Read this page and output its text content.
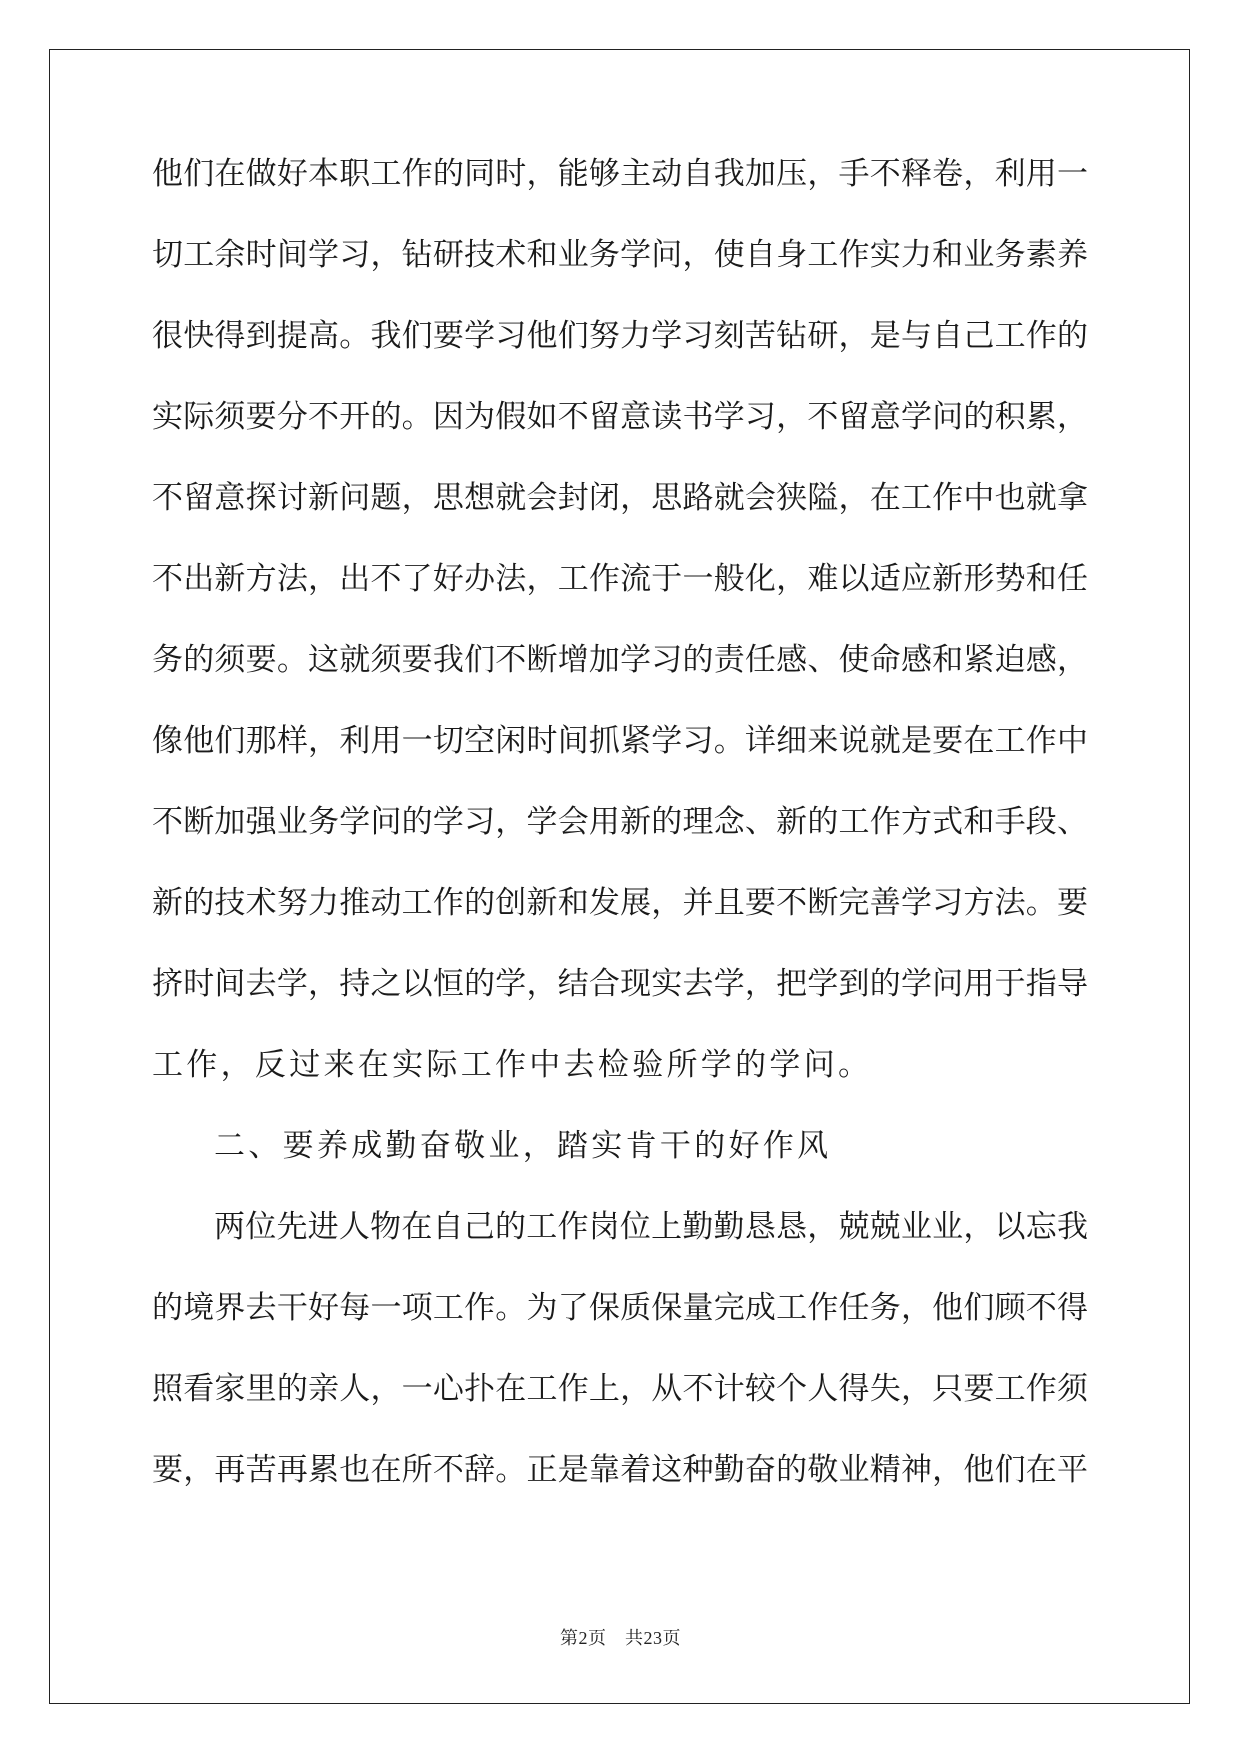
他们在做好本职工作的同时，能够主动自我加压，手不释卷，利用一
切工余时间学习，钻研技术和业务学问，使自身工作实力和业务素养
很快得到提高。我们要学习他们努力学习刻苦钻研，是与自己工作的
实际须要分不开的。因为假如不留意读书学习，不留意学问的积累，
不留意探讨新问题，思想就会封闭，思路就会狭隘，在工作中也就拿
不出新方法，出不了好办法，工作流于一般化，难以适应新形势和任
务的须要。这就须要我们不断增加学习的责任感、使命感和紧迫感，
像他们那样，利用一切空闲时间抓紧学习。详细来说就是要在工作中
不断加强业务学问的学习，学会用新的理念、新的工作方式和手段、
新的技术努力推动工作的创新和发展，并且要不断完善学习方法。要
挤时间去学，持之以恒的学，结合现实去学，把学到的学问用于指导
工作，反过来在实际工作中去检验所学的学问。
二、要养成勤奋敬业，踏实肯干的好作风
两位先进人物在自己的工作岗位上勤勤恳恳，兢兢业业，以忘我
的境界去干好每一项工作。为了保质保量完成工作任务，他们顾不得
照看家里的亲人，一心扑在工作上，从不计较个人得失，只要工作须
要，再苦再累也在所不辞。正是靠着这种勤奋的敬业精神，他们在平
第2页　共23页
